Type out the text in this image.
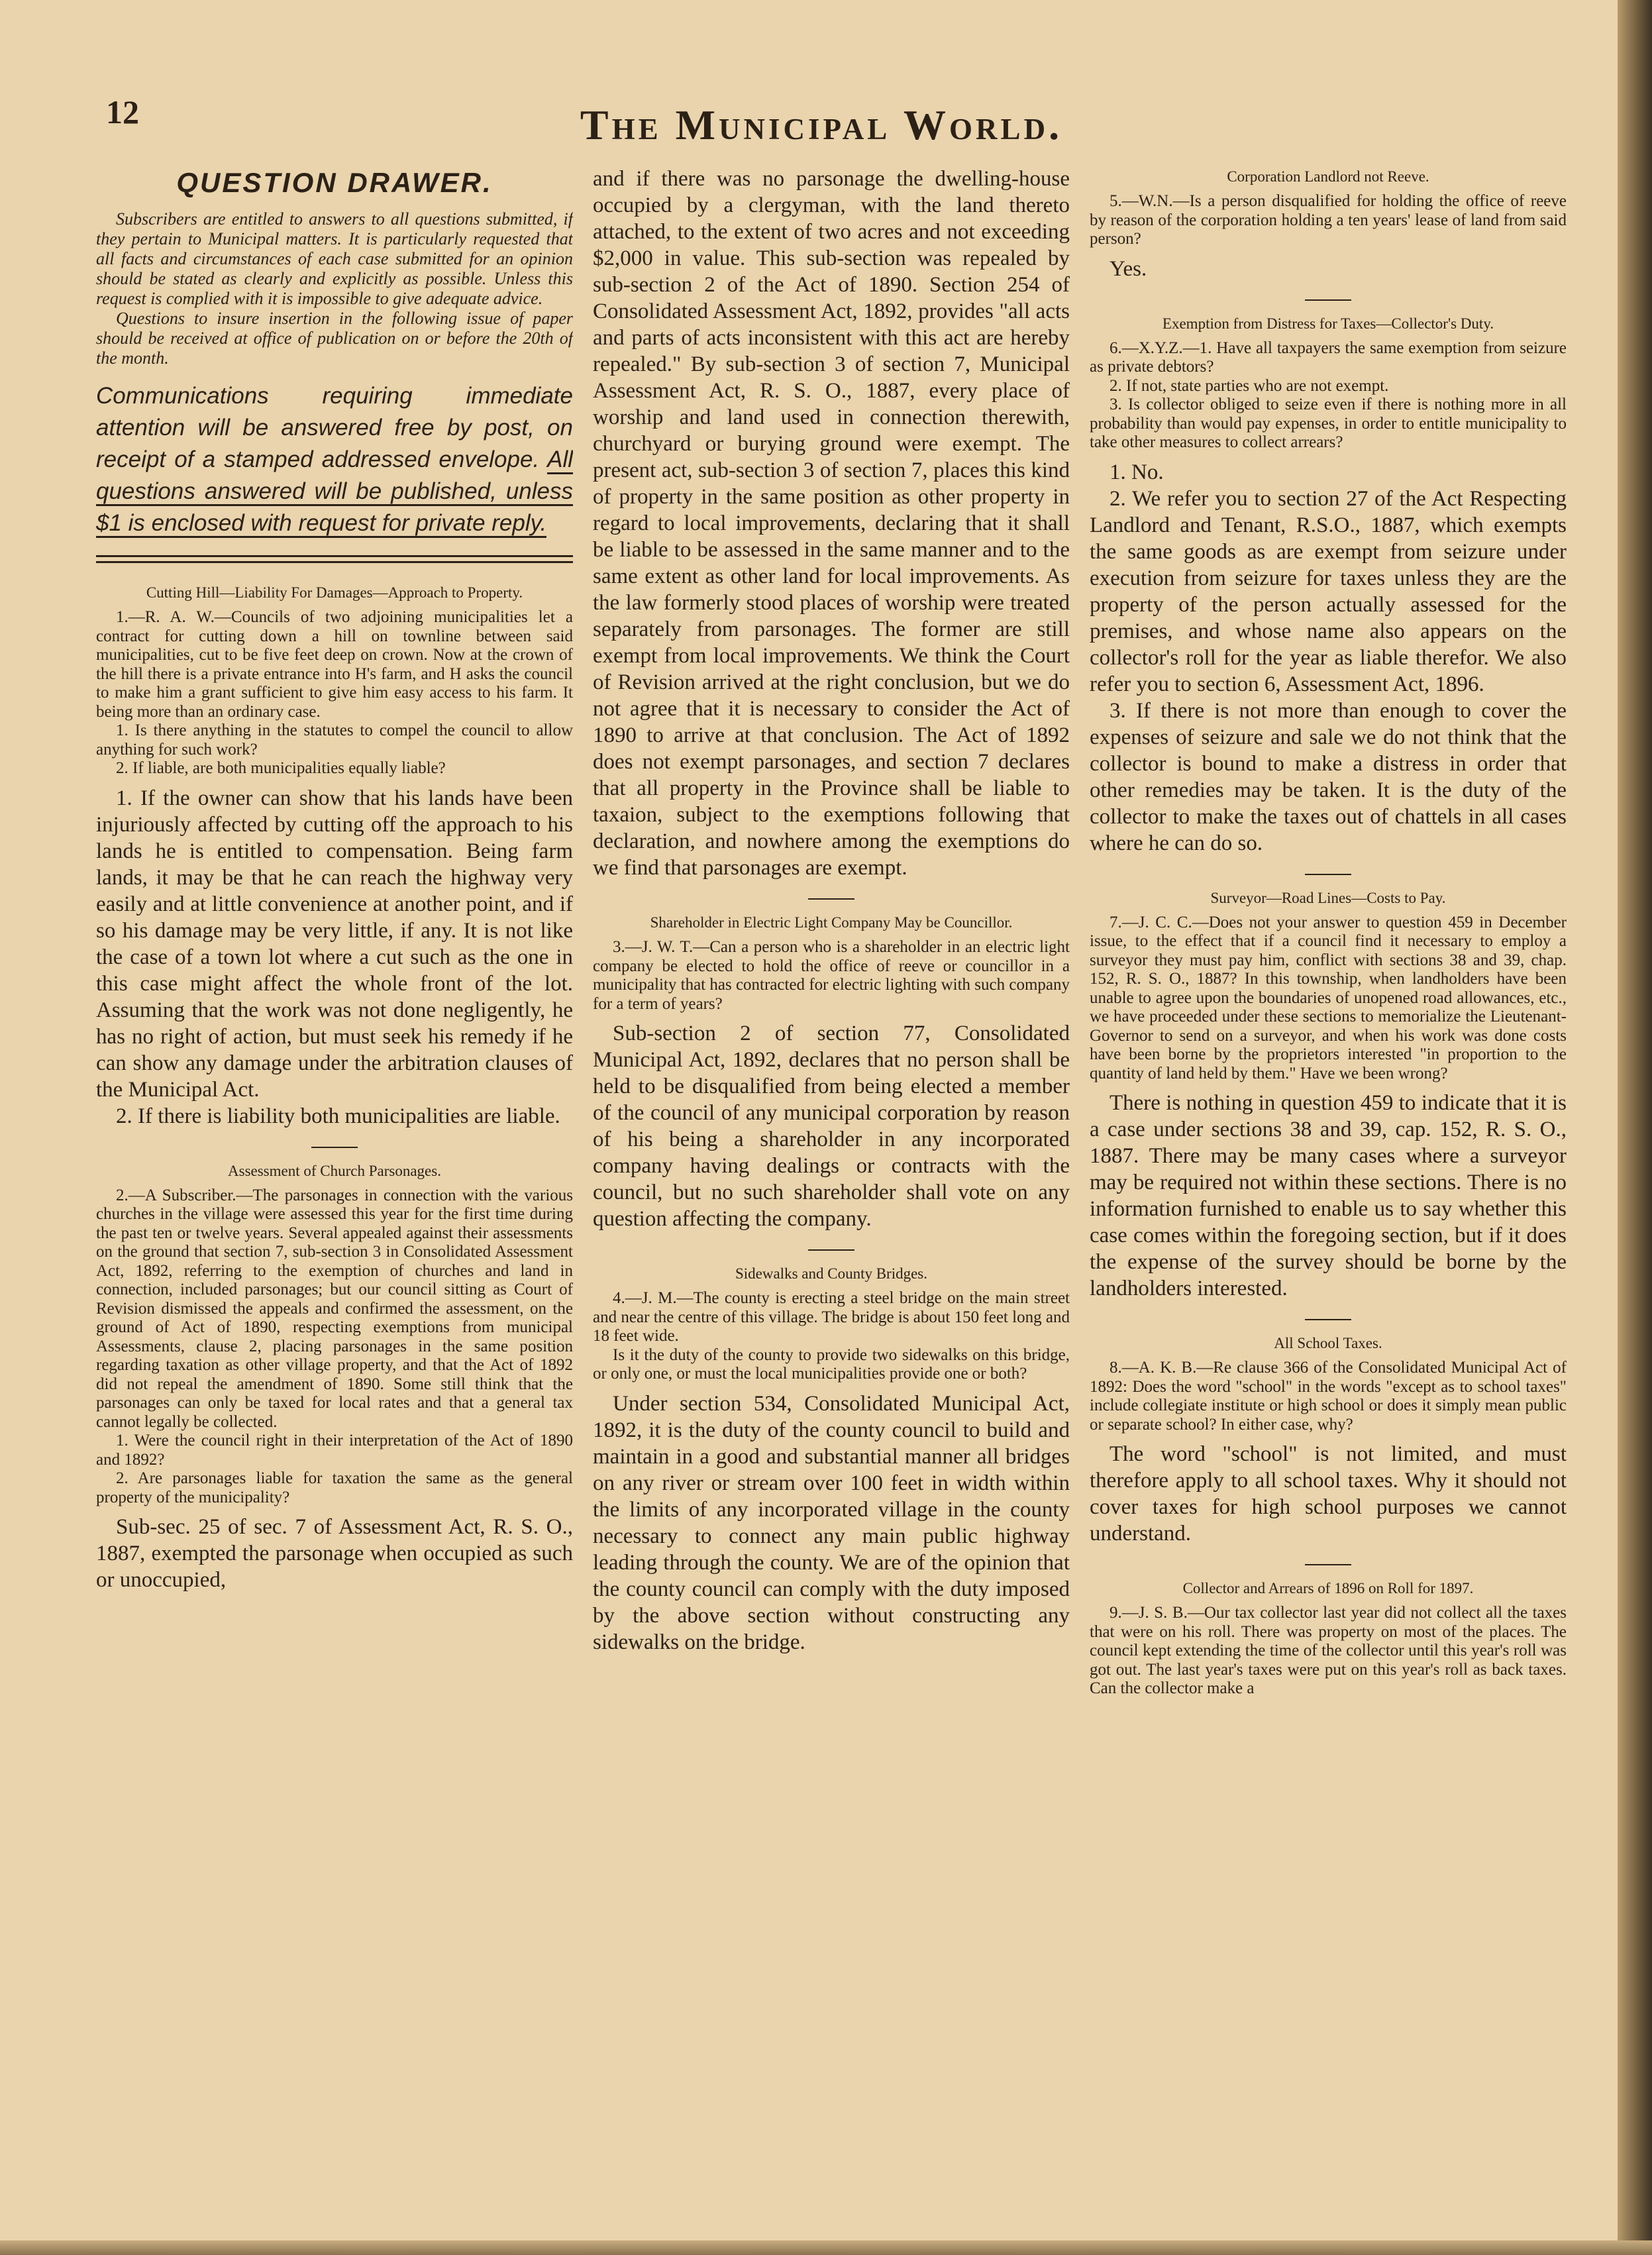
12	The Municipal World.
QUESTION DRAWER.

Subscribers are entitled to answers to all questions submitted, if they pertain to Municipal matters. It is particularly requested that all facts and circumstances of each case submitted for an opinion should be stated as clearly and explicitly as possible. Unless this request is complied with it is impossible to give adequate advice.

Questions to insure insertion in the following issue of paper should be received at office of publication on or before the 20th of the month.

Communications requiring immediate attention will be answered free by post, on receipt of a stamped addressed envelope. All questions answered will be published, unless $1 is enclosed with request for private reply.

Cutting Hill—Liability For Damages—Approach to Property.

1.—R. A. W.—Councils of two adjoining municipalities let a contract for cutting down a hill on townline between said municipalities, cut to be five feet deep on crown. Now at the crown of the hill there is a private entrance into H's farm, and H asks the council to make him a grant sufficient to give him easy access to his farm. It being more than an ordinary case.

1. Is there anything in the statutes to compel the council to allow anything for such work?

2. If liable, are both municipalities equally liable?

1. If the owner can show that his lands have been injuriously affected by cutting off the approach to his lands he is entitled to compensation. Being farm lands, it may be that he can reach the highway very easily and at little convenience at another point, and if so his damage may be very little, if any. It is not like the case of a town lot where a cut such as the one in this case might affect the whole front of the lot. Assuming that the work was not done negligently, he has no right of action, but must seek his remedy if he can show any damage under the arbitration clauses of the Municipal Act.

2. If there is liability both municipalities are liable.

Assessment of Church Parsonages.

2.—A Subscriber.—The parsonages in connection with the various churches in the village were assessed this year for the first time during the past ten or twelve years. Several appealed against their assessments on the ground that section 7, sub-section 3 in Consolidated Assessment Act, 1892, referring to the exemption of churches and land in connection, included parsonages; but our council sitting as Court of Revision dismissed the appeals and confirmed the assessment, on the ground of Act of 1890, respecting exemptions from municipal Assessments, clause 2, placing parsonages in the same position regarding taxation as other village property, and that the Act of 1892 did not repeal the amendment of 1890. Some still think that the parsonages can only be taxed for local rates and that a general tax cannot legally be collected.

1. Were the council right in their interpretation of the Act of 1890 and 1892?

2. Are parsonages liable for taxation the same as the general property of the municipality?

Sub-sec. 25 of sec. 7 of Assessment Act, R. S. O., 1887, exempted the parsonage when occupied as such or unoccupied,

and if there was no parsonage the dwelling-house occupied by a clergyman, with the land thereto attached, to the extent of two acres and not exceeding $2,000 in value. This sub-section was repealed by sub-section 2 of the Act of 1890. Section 254 of Consolidated Assessment Act, 1892, provides "all acts and parts of acts inconsistent with this act are hereby repealed." By sub-section 3 of section 7, Municipal Assessment Act, R. S. O., 1887, every place of worship and land used in connection therewith, churchyard or burying ground were exempt. The present act, sub-section 3 of section 7, places this kind of property in the same position as other property in regard to local improvements, declaring that it shall be liable to be assessed in the same manner and to the same extent as other land for local improvements. As the law formerly stood places of worship were treated separately from parsonages. The former are still exempt from local improvements. We think the Court of Revision arrived at the right conclusion, but we do not agree that it is necessary to consider the Act of 1890 to arrive at that conclusion. The Act of 1892 does not exempt parsonages, and section 7 declares that all property in the Province shall be liable to taxaion, subject to the exemptions following that declaration, and nowhere among the exemptions do we find that parsonages are exempt.

Shareholder in Electric Light Company May be Councillor.

3.—J. W. T.—Can a person who is a shareholder in an electric light company be elected to hold the office of reeve or councillor in a municipality that has contracted for electric lighting with such company for a term of years?

Sub-section 2 of section 77, Consolidated Municipal Act, 1892, declares that no person shall be held to be disqualified from being elected a member of the council of any municipal corporation by reason of his being a shareholder in any incorporated company having dealings or contracts with the council, but no such shareholder shall vote on any question affecting the company.

Sidewalks and County Bridges.

4.—J. M.—The county is erecting a steel bridge on the main street and near the centre of this village. The bridge is about 150 feet long and 18 feet wide.

Is it the duty of the county to provide two sidewalks on this bridge, or only one, or must the local municipalities provide one or both?

Under section 534, Consolidated Municipal Act, 1892, it is the duty of the county council to build and maintain in a good and substantial manner all bridges on any river or stream over 100 feet in width within the limits of any incorporated village in the county necessary to connect any main public highway leading through the county. We are of the opinion that the county council can comply with the duty imposed by the above section without constructing any sidewalks on the bridge.

Corporation Landlord not Reeve.

5.—W.N.—Is a person disqualified for holding the office of reeve by reason of the corporation holding a ten years' lease of land from said person?

Yes.

Exemption from Distress for Taxes—Collector's Duty.

6.—X.Y.Z.—1. Have all taxpayers the same exemption from seizure as private debtors?

2. If not, state parties who are not exempt.

3. Is collector obliged to seize even if there is nothing more in all probability than would pay expenses, in order to entitle municipality to take other measures to collect arrears?

1. No.

2. We refer you to section 27 of the Act Respecting Landlord and Tenant, R.S.O., 1887, which exempts the same goods as are exempt from seizure under execution from seizure for taxes unless they are the property of the person actually assessed for the premises, and whose name also appears on the collector's roll for the year as liable therefor. We also refer you to section 6, Assessment Act, 1896.

3. If there is not more than enough to cover the expenses of seizure and sale we do not think that the collector is bound to make a distress in order that other remedies may be taken. It is the duty of the collector to make the taxes out of chattels in all cases where he can do so.

Surveyor—Road Lines—Costs to Pay.

7.—J. C. C.—Does not your answer to question 459 in December issue, to the effect that if a council find it necessary to employ a surveyor they must pay him, conflict with sections 38 and 39, chap. 152, R. S. O., 1887? In this township, when landholders have been unable to agree upon the boundaries of unopened road allowances, etc., we have proceeded under these sections to memorialize the Lieutenant-Governor to send on a surveyor, and when his work was done costs have been borne by the proprietors interested "in proportion to the quantity of land held by them." Have we been wrong?

There is nothing in question 459 to indicate that it is a case under sections 38 and 39, cap. 152, R. S. O., 1887. There may be many cases where a surveyor may be required not within these sections. There is no information furnished to enable us to say whether this case comes within the foregoing section, but if it does the expense of the survey should be borne by the landholders interested.

All School Taxes.

8.—A. K. B.—Re clause 366 of the Consolidated Municipal Act of 1892: Does the word "school" in the words "except as to school taxes" include collegiate institute or high school or does it simply mean public or separate school? In either case, why?

The word "school" is not limited, and must therefore apply to all school taxes. Why it should not cover taxes for high school purposes we cannot understand.

Collector and Arrears of 1896 on Roll for 1897.

9.—J. S. B.—Our tax collector last year did not collect all the taxes that were on his roll. There was property on most of the places. The council kept extending the time of the collector until this year's roll was got out. The last year's taxes were put on this year's roll as back taxes. Can the collector make a
